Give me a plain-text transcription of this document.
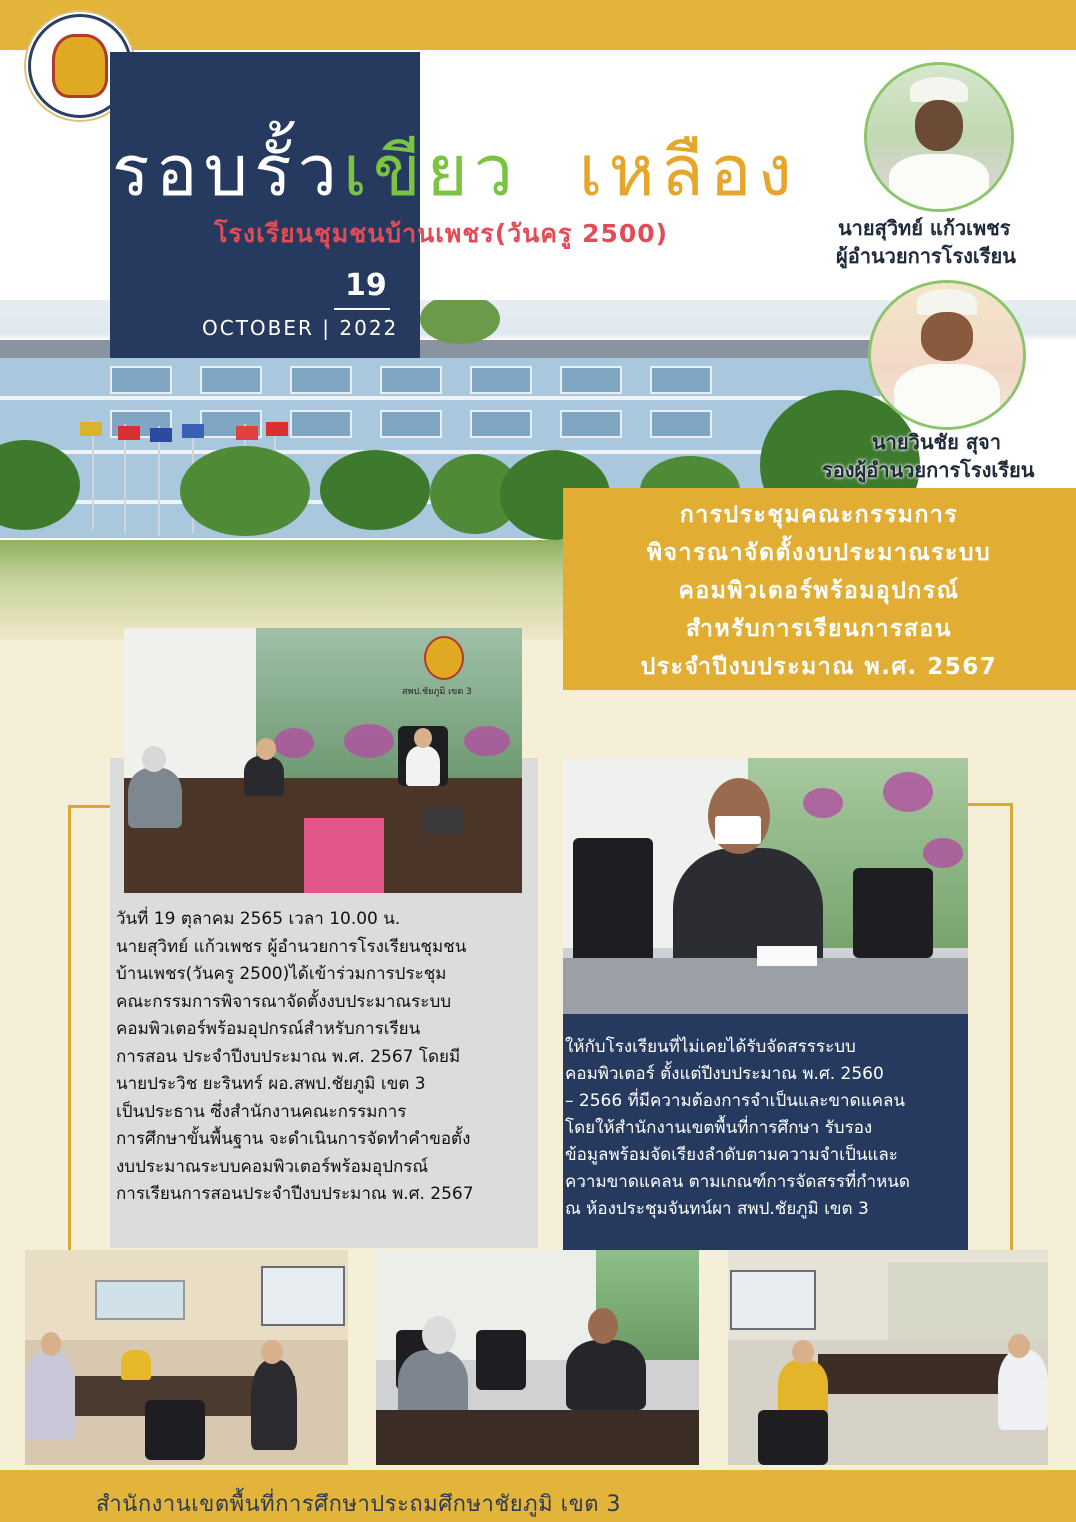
รอบรั้วเขียว- เหลือง
โรงเรียนชุมชนบ้านเพชร(วันครู 2500)
19
OCTOBER | 2022
นายสุวิทย์ แก้วเพชร
ผู้อำนวยการโรงเรียน
นายวินชัย สุจา
รองผู้อำนวยการโรงเรียน
การประชุมคณะกรรมการ
พิจารณาจัดตั้งงบประมาณระบบ
คอมพิวเตอร์พร้อมอุปกรณ์
สำหรับการเรียนการสอน
ประจำปีงบประมาณ พ.ศ. 2567
สพป.ชัยภูมิ เขต 3
วันที่ 19 ตุลาคม 2565 เวลา 10.00 น.
นายสุวิทย์ แก้วเพชร ผู้อำนวยการโรงเรียนชุมชน
บ้านเพชร(วันครู 2500)ได้เข้าร่วมการประชุม
คณะกรรมการพิจารณาจัดตั้งงบประมาณระบบ
คอมพิวเตอร์พร้อมอุปกรณ์สำหรับการเรียน
การสอน ประจำปีงบประมาณ พ.ศ. 2567 โดยมี
นายประวิช ยะรินทร์ ผอ.สพป.ชัยภูมิ เขต 3
เป็นประธาน ซึ่งสำนักงานคณะกรรมการ
การศึกษาขั้นพื้นฐาน จะดำเนินการจัดทำคำขอตั้ง
งบประมาณระบบคอมพิวเตอร์พร้อมอุปกรณ์
การเรียนการสอนประจำปีงบประมาณ พ.ศ. 2567
ให้กับโรงเรียนที่ไม่เคยได้รับจัดสรรระบบ
คอมพิวเตอร์ ตั้งแต่ปีงบประมาณ พ.ศ. 2560
– 2566 ที่มีความต้องการจำเป็นและขาดแคลน
โดยให้สำนักงานเขตพื้นที่การศึกษา รับรอง
ข้อมูลพร้อมจัดเรียงลำดับตามความจำเป็นและ
ความขาดแคลน ตามเกณฑ์การจัดสรรที่กำหนด
ณ ห้องประชุมจันทน์ผา สพป.ชัยภูมิ เขต 3
สำนักงานเขตพื้นที่การศึกษาประถมศึกษาชัยภูมิ เขต 3
